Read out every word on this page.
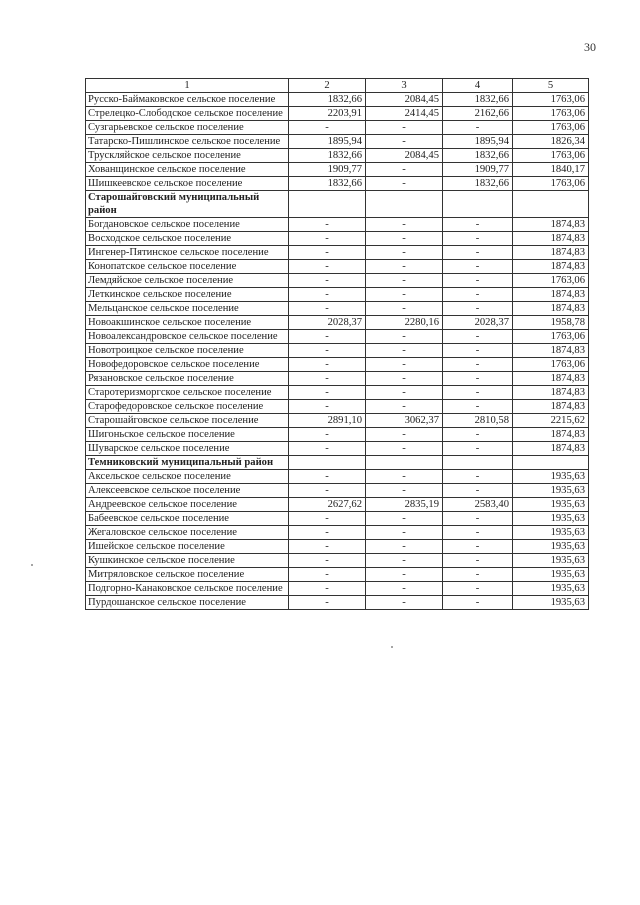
30
1	2	3	4	5
Русско-Баймаковское сельское поселение	1832,66	2084,45	1832,66	1763,06
Стрелецко-Слободское сельское поселение	2203,91	2414,45	2162,66	1763,06
Сузгарьевское сельское поселение	-	-	-	1763,06
Татарско-Пишлинское сельское поселение	1895,94	-	1895,94	1826,34
Трускляйское сельское поселение	1832,66	2084,45	1832,66	1763,06
Хованщинское сельское поселение	1909,77	-	1909,77	1840,17
Шишкеевское сельское поселение	1832,66	-	1832,66	1763,06
Старошайговский муниципальный район				
Богдановское сельское поселение	-	-	-	1874,83
Восходское сельское поселение	-	-	-	1874,83
Ингенер-Пятинское сельское поселение	-	-	-	1874,83
Конопатское сельское поселение	-	-	-	1874,83
Лемдяйское сельское поселение	-	-	-	1763,06
Леткинское сельское поселение	-	-	-	1874,83
Мельцанское сельское поселение	-	-	-	1874,83
Новоакшинское сельское поселение	2028,37	2280,16	2028,37	1958,78
Новоалександровское сельское поселение	-	-	-	1763,06
Новотроицкое сельское поселение	-	-	-	1874,83
Новофедоровское сельское поселение	-	-	-	1763,06
Рязановское сельское поселение	-	-	-	1874,83
Старотеризморгское сельское поселение	-	-	-	1874,83
Старофедоровское сельское поселение	-	-	-	1874,83
Старошайговское сельское поселение	2891,10	3062,37	2810,58	2215,62
Шигоньское сельское поселение	-	-	-	1874,83
Шуварское сельское поселение	-	-	-	1874,83
Темниковский муниципальный район				
Аксельское сельское поселение	-	-	-	1935,63
Алексеевское сельское поселение	-	-	-	1935,63
Андреевское сельское поселение	2627,62	2835,19	2583,40	1935,63
Бабеевское сельское поселение	-	-	-	1935,63
Жегаловское сельское поселение	-	-	-	1935,63
Ишейское сельское поселение	-	-	-	1935,63
Кушкинское сельское поселение	-	-	-	1935,63
Митряловское сельское поселение	-	-	-	1935,63
Подгорно-Канаковское сельское поселение	-	-	-	1935,63
Пурдошанское сельское поселение	-	-	-	1935,63
